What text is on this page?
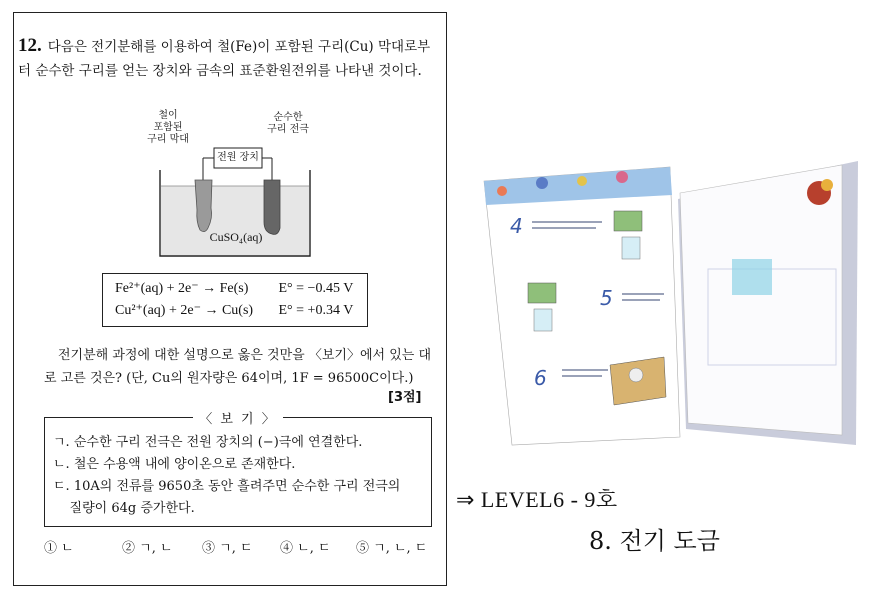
12. 다음은 전기분해를 이용하여 철(Fe)이 포함된 구리(Cu) 막대로부터 순수한 구리를 얻는 장치와 금속의 표준환원전위를 나타낸 것이다.
철이
포함된
구리 막대
전원 장치
순수한
구리 전극
CuSO₄(aq)
Fe²⁺(aq) + 2e⁻ → Fe(s) E° = −0.45 V
Cu²⁺(aq) + 2e⁻ → Cu(s) E° = +0.34 V
전기분해 과정에 대한 설명으로 옳은 것만을 〈보기〉에서 있는 대로 고른 것은? (단, Cu의 원자량은 64이며, 1F = 96500C이다.)
[3점]
〈 보 기 〉
ㄱ. 순수한 구리 전극은 전원 장치의 (−)극에 연결한다.
ㄴ. 철은 수용액 내에 양이온으로 존재한다.
ㄷ. 10A의 전류를 9650초 동안 흘려주면 순수한 구리 전극의
질량이 64g 증가한다.
① ㄴ	② ㄱ, ㄴ	③ ㄱ, ㄷ	④ ㄴ, ㄷ	⑤ ㄱ, ㄴ, ㄷ
4
5
6
⇒ LEVEL6 - 9호
8. 전기 도금
